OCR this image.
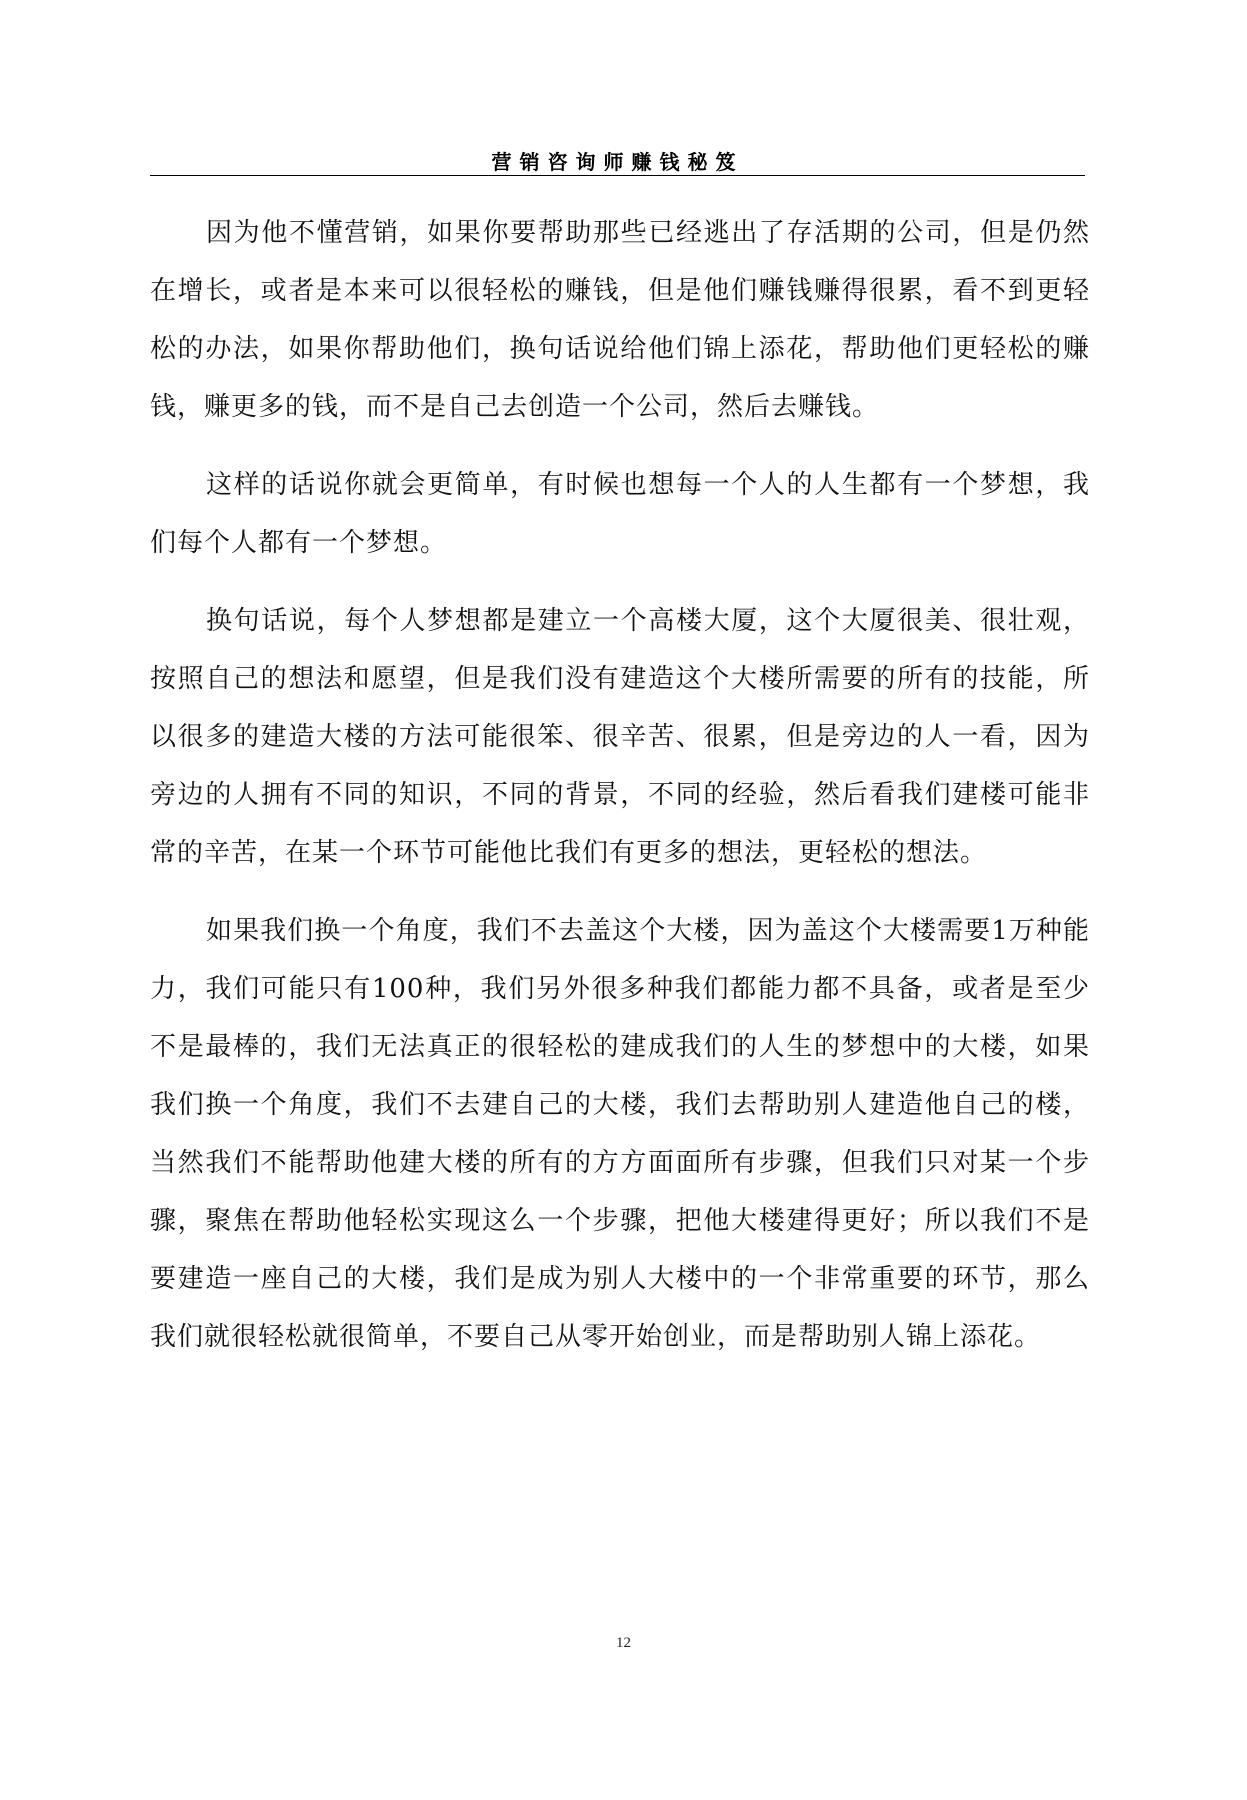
营销咨询师赚钱秘笈
因为他不懂营销，如果你要帮助那些已经逃出了存活期的公司，但是仍然在增长，或者是本来可以很轻松的赚钱，但是他们赚钱赚得很累，看不到更轻松的办法，如果你帮助他们，换句话说给他们锦上添花，帮助他们更轻松的赚钱，赚更多的钱，而不是自己去创造一个公司，然后去赚钱。
这样的话说你就会更简单，有时候也想每一个人的人生都有一个梦想，我们每个人都有一个梦想。
换句话说，每个人梦想都是建立一个高楼大厦，这个大厦很美、很壮观，按照自己的想法和愿望，但是我们没有建造这个大楼所需要的所有的技能，所以很多的建造大楼的方法可能很笨、很辛苦、很累，但是旁边的人一看，因为旁边的人拥有不同的知识，不同的背景，不同的经验，然后看我们建楼可能非常的辛苦，在某一个环节可能他比我们有更多的想法，更轻松的想法。
如果我们换一个角度，我们不去盖这个大楼，因为盖这个大楼需要1万种能力，我们可能只有100种，我们另外很多种我们都能力都不具备，或者是至少不是最棒的，我们无法真正的很轻松的建成我们的人生的梦想中的大楼，如果我们换一个角度，我们不去建自己的大楼，我们去帮助别人建造他自己的楼，当然我们不能帮助他建大楼的所有的方方面面所有步骤，但我们只对某一个步骤，聚焦在帮助他轻松实现这么一个步骤，把他大楼建得更好；所以我们不是要建造一座自己的大楼，我们是成为别人大楼中的一个非常重要的环节，那么我们就很轻松就很简单，不要自己从零开始创业，而是帮助别人锦上添花。
12
